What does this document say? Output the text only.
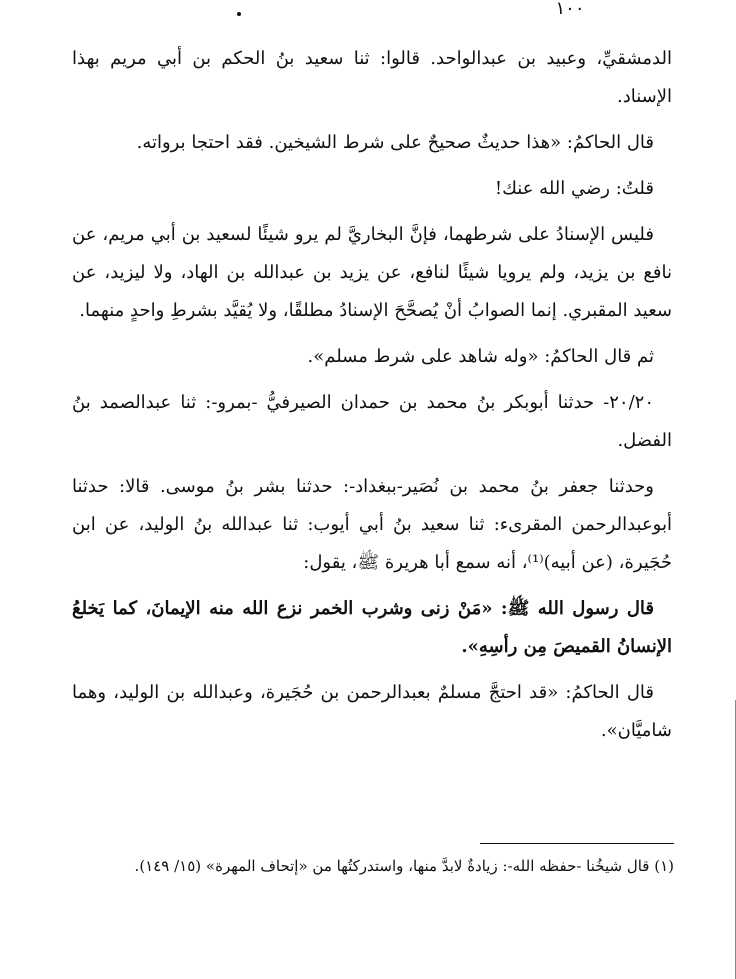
١٠٠

الدمشقيِّ، وعبيد بن عبدالواحد. قالوا: ثنا سعيد بنُ الحكم بن أبي مريم بهذا الإسناد.

قال الحاكمُ: «هذا حديثٌ صحيحٌ على شرط الشيخين. فقد احتجا برواته.

قلتُ: رضي الله عنك!

فليس الإسنادُ على شرطهما، فإنَّ البخاريَّ لم يرو شيئًا لسعيد بن أبي مريم، عن نافع بن يزيد، ولم يرويا شيئًا لنافع، عن يزيد بن عبدالله بن الهاد، ولا ليزيد، عن سعيد المقبري. إنما الصوابُ أنْ يُصحَّحَ الإسنادُ مطلقًا، ولا يُقيَّد بشرطِ واحدٍ منهما.

ثم قال الحاكمُ: «وله شاهد على شرط مسلم».

٢٠/٢٠- حدثنا أبوبكر بنُ محمد بن حمدان الصيرفيُّ -بمرو-: ثنا عبدالصمد بنُ الفضل.

وحدثنا جعفر بنُ محمد بن نُصَير-ببغداد-: حدثنا بشر بنُ موسى. قالا: حدثنا أبوعبدالرحمن المقرىء: ثنا سعيد بنُ أبي أيوب: ثنا عبدالله بنُ الوليد، عن ابن حُجَيرة، (عن أبيه)⁽¹⁾، أنه سمع أبا هريرة ﷺ، يقول:

قال رسول الله ﷺ: «مَنْ زنى وشرب الخمر نزع الله منه الإيمانَ، كما يَخلعُ الإنسانُ القميصَ مِن رأسِهِ».

قال الحاكمُ: «قد احتجَّ مسلمٌ بعبدالرحمن بن حُجَيرة، وعبدالله بن الوليد، وهما شاميَّان».

(١) قال شيخُنا -حفظه الله-: زيادةٌ لابدَّ منها، واستدركتُها من «إتحاف المهرة» (١٥/ ١٤٩).
